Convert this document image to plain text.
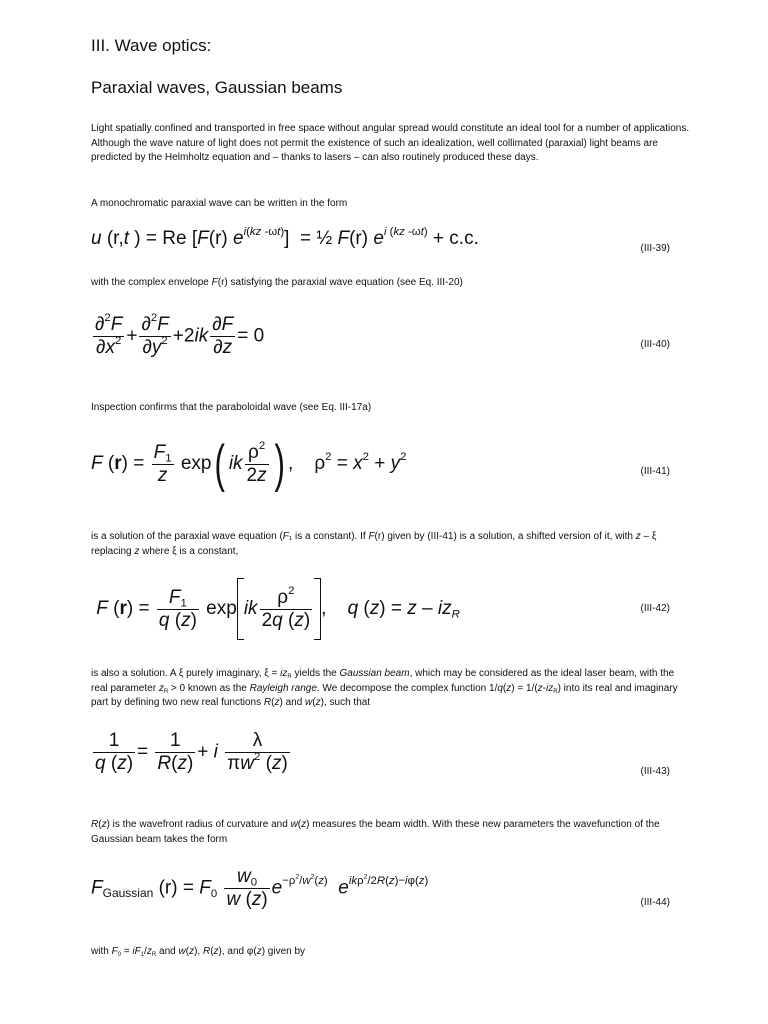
III. Wave optics:
Paraxial waves, Gaussian beams
Light spatially confined and transported in free space without angular spread would constitute an ideal tool for a number of applications. Although the wave nature of light does not permit the existence of such an idealization, well collimated (paraxial) light beams are predicted by the Helmholtz equation and – thanks to lasers – can also routinely produced these days.
A monochromatic paraxial wave can be written in the form
u (r,t ) = Re [F(r) $e^{i(kz -\omega t)}$]  = ½ F(r) $e^{i (kz -\omega t)} + c.c$.	(III-39)
with the complex envelope F(r) satisfying the paraxial wave equation (see Eq. III-20)
$\frac{\partial^2F}{\partial x^2} + \frac{\partial^2F}{\partial y^2} +2ik \frac{\partial F}{\partial z} = 0$	(III-40)
Inspection confirms that the paraboloidal wave (see Eq. III-17a)
F $(r) = \frac{F_1}{z} \exp$( ik $\frac{\rho^2}{2z}$ ) ,    $\rho^2 = x^2 + y^2$
(III-41)
is a solution of the paraxial wave equation (F₁ is a constant). If F(r) given by (III-41) is a solution, a shifted version of it, with z – ξ replacing z where ξ is a constant,
F $(r) = \frac{F_1}{q (z)}$ exp ik $\frac{\rho^2}{2q (z)}$ ,    q $(z) = z - iz_R$	(III-42)
is also a solution. A ξ purely imaginary, $\xi = iz_R$ yields the Gaussian beam, which may be considered as the ideal laser beam, with the real parameter $z_R > 0$ known as the Rayleigh range. We decompose the complex function $1/q(z) = 1/(z-iz_R)$ into its real and imaginary part by defining two new real functions R(z) and w(z), such that
$\frac{1}{q (z)} = \frac{1}{R(z)} + i \frac{\lambda}{\pi w^2 (z)}$	(III-43)
R(z) is the wavefront radius of curvature and w(z) measures the beam width. With these new parameters the wavefunction of the Gaussian beam takes the form
$F_{Gaussian}$ $(r) = F_0 \frac{w_0}{w (z)} e^{-\rho^2/w^2(z)}$ $e^{ik\rho^2/2R(z)-i\varphi(z)}$
(III-44)
with $F_0 = iF_1/z_R$ and w(z), R(z), and φ(z) given by
